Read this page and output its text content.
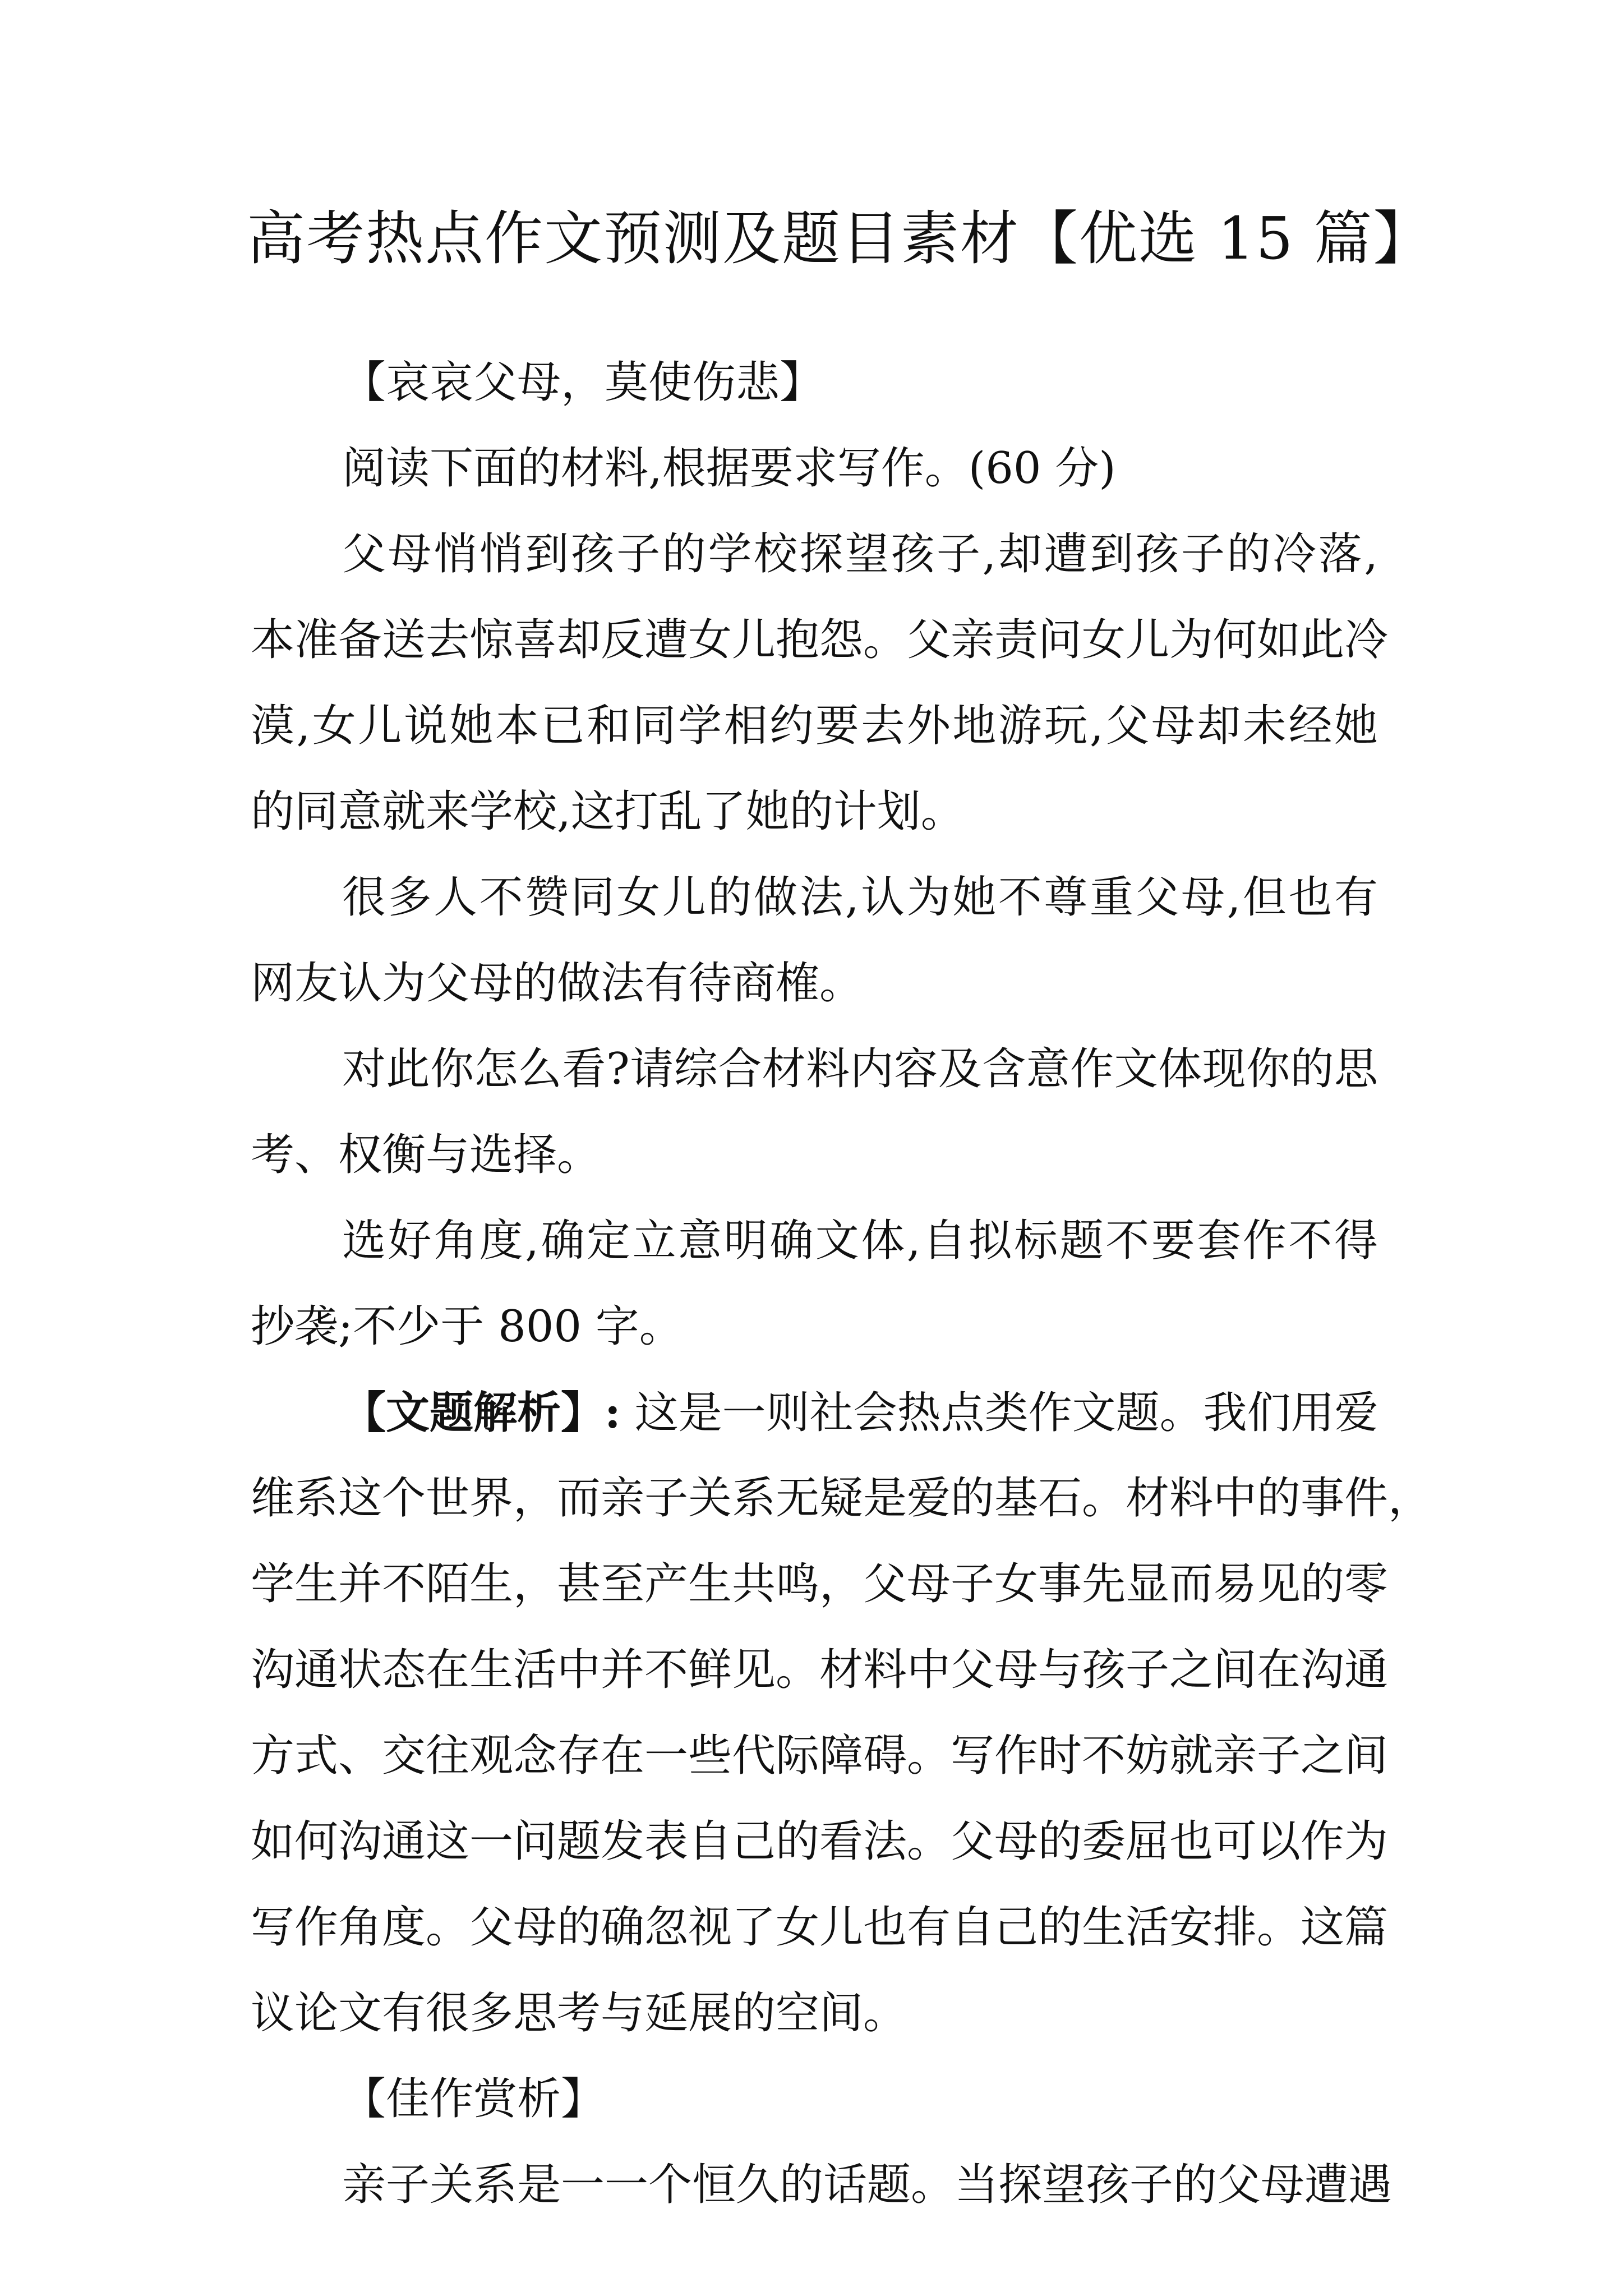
高考热点作文预测及题目素材【优选 15 篇】
【哀哀父母，莫使伤悲】
阅读下面的材料,根据要求写作。(60 分)
父母悄悄到孩子的学校探望孩子,却遭到孩子的冷落,
本准备送去惊喜却反遭女儿抱怨。父亲责问女儿为何如此冷
漠,女儿说她本已和同学相约要去外地游玩,父母却未经她
的同意就来学校,这打乱了她的计划。
很多人不赞同女儿的做法,认为她不尊重父母,但也有
网友认为父母的做法有待商榷。
对此你怎么看?请综合材料内容及含意作文体现你的思
考、权衡与选择。
选好角度,确定立意明确文体,自拟标题不要套作不得
抄袭;不少于 800 字。
【文题解析】: 这是一则社会热点类作文题。我们用爱
维系这个世界，而亲子关系无疑是爱的基石。材料中的事件，
学生并不陌生，甚至产生共鸣，父母子女事先显而易见的零
沟通状态在生活中并不鲜见。材料中父母与孩子之间在沟通
方式、交往观念存在一些代际障碍。写作时不妨就亲子之间
如何沟通这一问题发表自己的看法。父母的委屈也可以作为
写作角度。父母的确忽视了女儿也有自己的生活安排。这篇
议论文有很多思考与延展的空间。
【佳作赏析】
亲子关系是一一个恒久的话题。当探望孩子的父母遭遇
